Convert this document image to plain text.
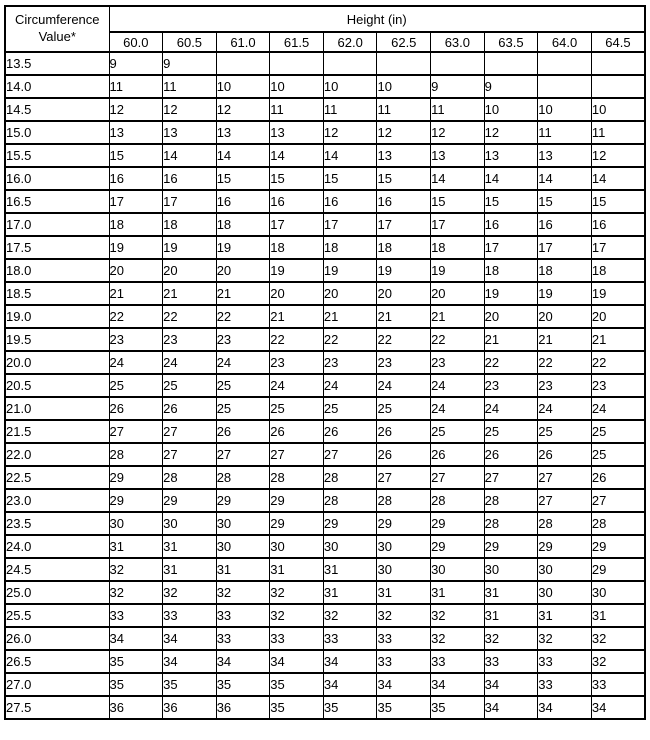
Circumference
Value*	Height (in)									
	60.0	60.5	61.0	61.5	62.0	62.5	63.0	63.5	64.0	64.5
13.5	9	9								
14.0	11	11	10	10	10	10	9	9		
14.5	12	12	12	11	11	11	11	10	10	10
15.0	13	13	13	13	12	12	12	12	11	11
15.5	15	14	14	14	14	13	13	13	13	12
16.0	16	16	15	15	15	15	14	14	14	14
16.5	17	17	16	16	16	16	15	15	15	15
17.0	18	18	18	17	17	17	17	16	16	16
17.5	19	19	19	18	18	18	18	17	17	17
18.0	20	20	20	19	19	19	19	18	18	18
18.5	21	21	21	20	20	20	20	19	19	19
19.0	22	22	22	21	21	21	21	20	20	20
19.5	23	23	23	22	22	22	22	21	21	21
20.0	24	24	24	23	23	23	23	22	22	22
20.5	25	25	25	24	24	24	24	23	23	23
21.0	26	26	25	25	25	25	24	24	24	24
21.5	27	27	26	26	26	26	25	25	25	25
22.0	28	27	27	27	27	26	26	26	26	25
22.5	29	28	28	28	28	27	27	27	27	26
23.0	29	29	29	29	28	28	28	28	27	27
23.5	30	30	30	29	29	29	29	28	28	28
24.0	31	31	30	30	30	30	29	29	29	29
24.5	32	31	31	31	31	30	30	30	30	29
25.0	32	32	32	32	31	31	31	31	30	30
25.5	33	33	33	32	32	32	32	31	31	31
26.0	34	34	33	33	33	33	32	32	32	32
26.5	35	34	34	34	34	33	33	33	33	32
27.0	35	35	35	35	34	34	34	34	33	33
27.5	36	36	36	35	35	35	35	34	34	34
